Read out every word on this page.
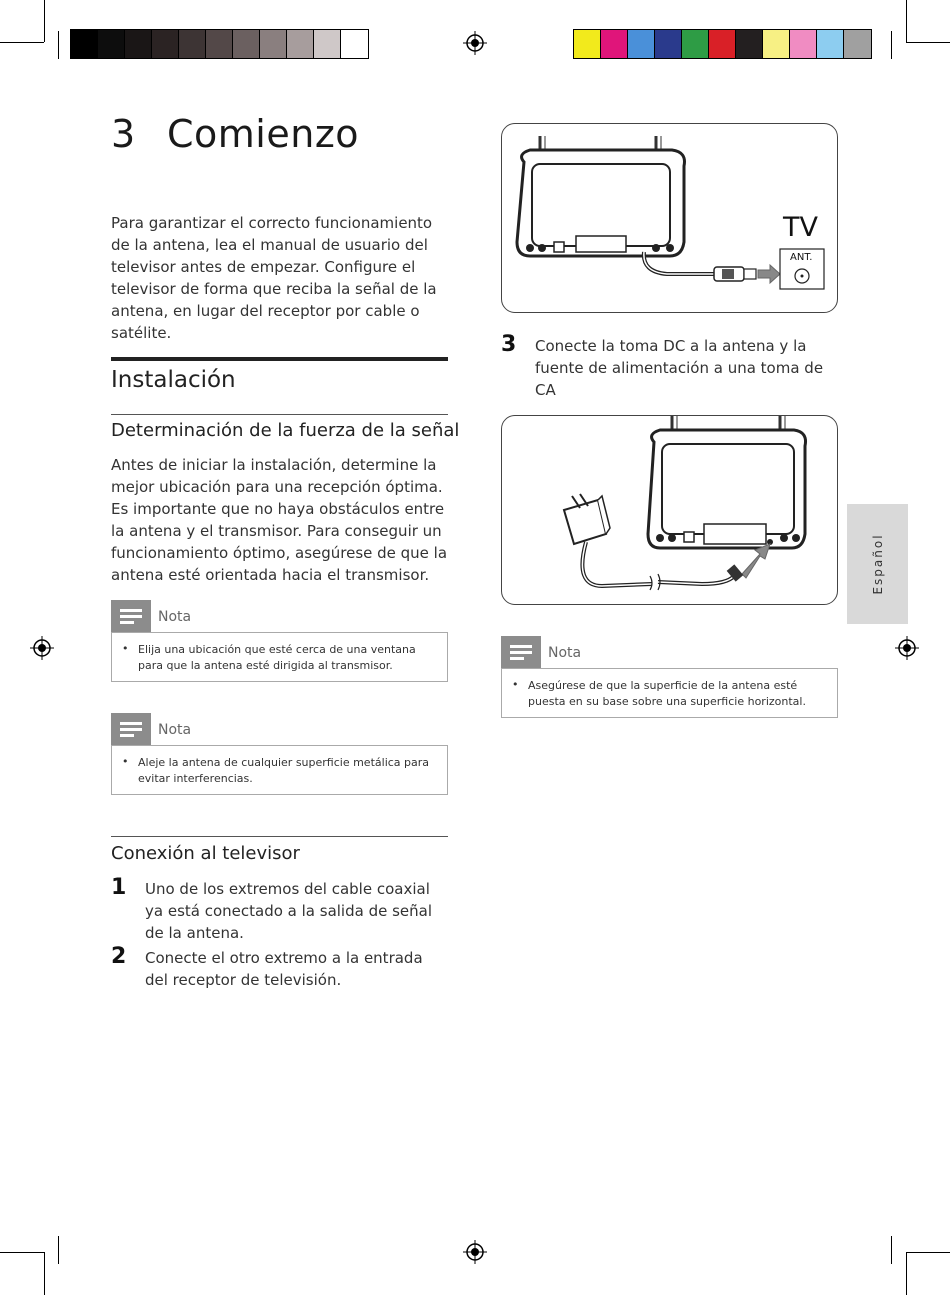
3 Comienzo
Para garantizar el correcto funcionamiento de la antena, lea el manual de usuario del televisor antes de empezar. Configure el televisor de forma que reciba la señal de la antena, en lugar del receptor por cable o satélite.
Instalación
Determinación de la fuerza de la señal
Antes de iniciar la instalación, determine la mejor ubicación para una recepción óptima. Es importante que no haya obstáculos entre la antena y el transmisor. Para conseguir un funcionamiento óptimo, asegúrese de que la antena esté orientada hacia el transmisor.
Nota
• Elija una ubicación que esté cerca de una ventana para que la antena esté dirigida al transmisor.
Nota
• Aleje la antena de cualquier superficie metálica para evitar interferencias.
Conexión al televisor
1 Uno de los extremos del cable coaxial ya está conectado a la salida de señal de la antena.
2 Conecte el otro extremo a la entrada del receptor de televisión.
TV
ANT.
3 Conecte la toma DC a la antena y la fuente de alimentación a una toma de CA
Nota
• Asegúrese de que la superficie de la antena esté puesta en su base sobre una superficie horizontal.
Español
